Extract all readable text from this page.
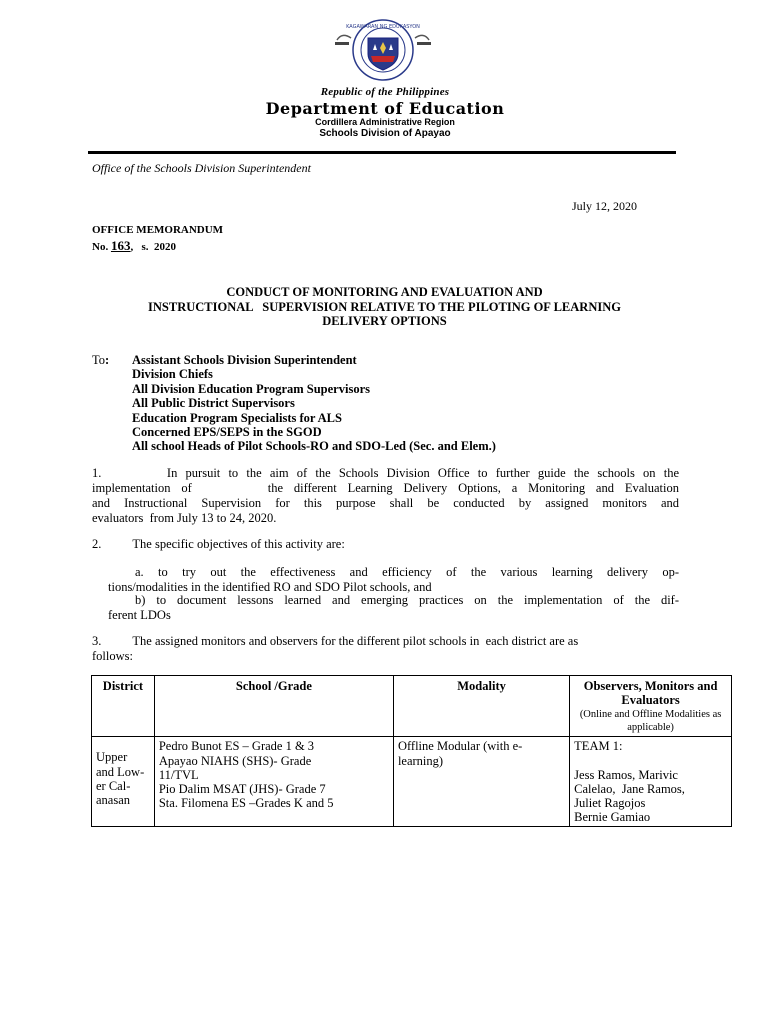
KAGAWARAN NG EDUKASYON
Republic of the Philippines
Department of Education
Cordillera Administrative Region
Schools Division of Apayao
Office of the Schools Division Superintendent
July 12, 2020
OFFICE MEMORANDUM
No. 163,   s.  2020
CONDUCT OF MONITORING AND EVALUATION AND
INSTRUCTIONAL   SUPERVISION RELATIVE TO THE PILOTING OF LEARNING
DELIVERY OPTIONS
To: Assistant Schools Division Superintendent
Division Chiefs
All Division Education Program Supervisors
All Public District Supervisors
Education Program Specialists for ALS
Concerned EPS/SEPS in the SGOD
All school Heads of Pilot Schools-RO and SDO-Led (Sec. and Elem.)
1.        In pursuit to the aim of the Schools Division Office to further guide the schools on the
implementation of       the different Learning Delivery Options, a Monitoring and Evaluation
and Instructional Supervision for this purpose shall be conducted by assigned monitors and
evaluators  from July 13 to 24, 2020.
2.          The specific objectives of this activity are:
a. to try out the effectiveness and efficiency of the various learning delivery op-
tions/modalities in the identified RO and SDO Pilot schools, and
b) to document lessons learned and emerging practices on the implementation of the dif-
ferent LDOs
3.          The assigned monitors and observers for the different pilot schools in  each district are as
follows:
District	School /Grade	Modality	Observers, Monitors and Evaluators
(Online and Offline Modalities as applicable)

Upper
and Low-
er Cal-
anasan	Pedro Bunot ES – Grade 1 & 3
Apayao NIAHS (SHS)- Grade
11/TVL
Pio Dalim MSAT (JHS)- Grade 7
Sta. Filomena ES –Grades K and 5	Offline Modular (with e-
learning)	TEAM 1:
Jess Ramos, Marivic
Calelao,  Jane Ramos,
Juliet Ragojos
Bernie Gamiao
